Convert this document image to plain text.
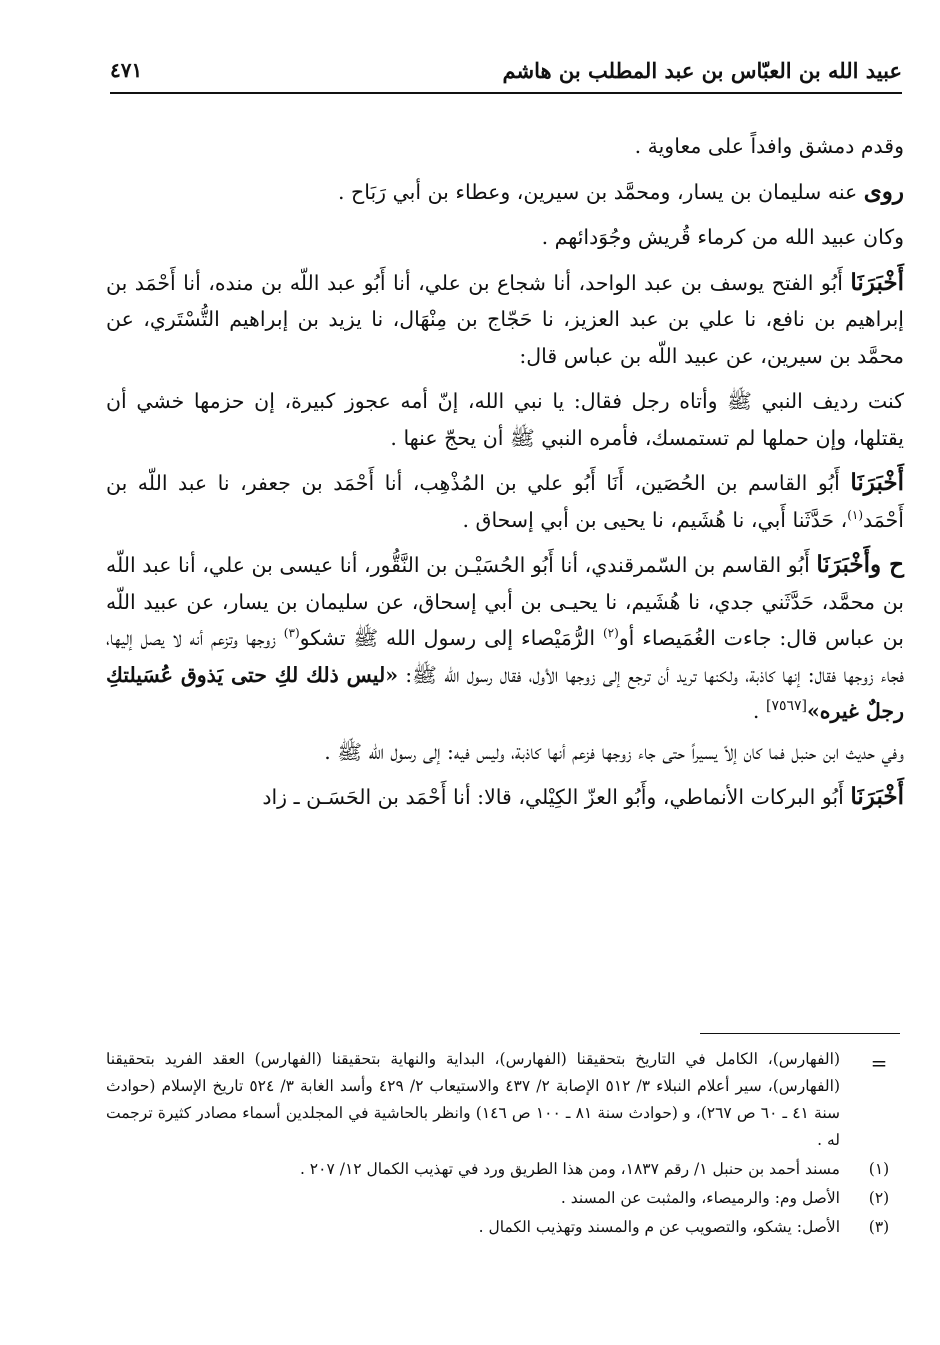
عبيد الله بن العبّاس بن عبد المطلب بن هاشم
٤٧١

وقدم دمشق وافداً على معاوية .

روى عنه سليمان بن يسار، ومحمَّد بن سيرين، وعطاء بن أبي رَبَاح .

وكان عبيد الله من كرماء قُريش وجُوَدائهم .

أَخْبَرَنَا أَبُو الفتح يوسف بن عبد الواحد، أنا شجاع بن علي، أنا أَبُو عبد اللّه بن منده، أنا أَحْمَد بن إبراهيم بن نافع، نا علي بن عبد العزيز، نا حَجّاج بن مِنْهَال، نا يزيد بن إبراهيم التُّسْتَري، عن محمَّد بن سيرين، عن عبيد اللّه بن عباس قال:

كنت رديف النبي ﷺ وأتاه رجل فقال: يا نبي الله، إنّ أمه عجوز كبيرة، إن حزمها خشي أن يقتلها، وإن حملها لم تستمسك، فأمره النبي ﷺ أن يحجّ عنها .

أَخْبَرَنَا أَبُو القاسم بن الحُصَين، أَنَا أَبُو علي بن المُذْهِب، أنا أَحْمَد بن جعفر، نا عبد اللّه بن أَحْمَد$^{(١)}$، حَدَّثَنا أَبي، نا هُشَيم، نا يحيى بن أبي إسحاق .

ح وأَخْبَرَنَا أَبُو القاسم بن السّمرقندي، أنا أَبُو الحُسَيْـن بن النَّقُّور، أنا عيسى بن علي، أنا عبد اللّه بن محمَّد، حَدَّثَني جدي، نا هُشَيم، نا يحيـى بن أبي إسحاق، عن سليمان بن يسار، عن عبيد اللّه بن عباس قال: جاءت الغُمَيصاء أو$^{(٢)}$ الرُّمَيْصاء إلى رسول الله ﷺ تشكو$^{(٣)}$ زوجها وتزعم أنه لا يصل إليها، فجاء زوجها فقال: إنها كاذبة، ولكنها تريد أن ترجع إلى زوجها الأول، فقال رسول الله ﷺ: «ليس ذلك لكِ حتى يَذوق عُسَيلتكِ رجلٌ غيره»[٧٥٦٧] .

وفي حديث ابن حنبل فما كان إلاّ يسيراً حتى جاء زوجها فزعم أنها كاذبة، وليس فيه: إلى رسول الله ﷺ .

أَخْبَرَنَا أَبُو البركات الأنماطي، وأَبُو العزّ الكِيْلي، قالا: أنا أَحْمَد بن الحَسَـن ـ زاد

=
(الفهارس)، الكامل في التاريخ بتحقيقنا (الفهارس)، البداية والنهاية بتحقيقنا (الفهارس) العقد الفريد بتحقيقنا (الفهارس)، سير أعلام النبلاء ٣/ ٥١٢ الإصابة ٢/ ٤٣٧ والاستيعاب ٢/ ٤٢٩ وأسد الغابة ٣/ ٥٢٤ تاريخ الإسلام (حوادث سنة ٤١ ـ ٦٠ ص ٢٦٧)، و (حوادث سنة ٨١ ـ ١٠٠ ص ١٤٦) وانظر بالحاشية في المجلدين أسماء مصادر كثيرة ترجمت له .

(١)
مسند أحمد بن حنبل ١/ رقم ١٨٣٧، ومن هذا الطريق ورد في تهذيب الكمال ١٢/ ٢٠٧ .

(٢)
الأصل وم: والرميصاء، والمثبت عن المسند .

(٣)
الأصل: يشكو، والتصويب عن م والمسند وتهذيب الكمال .
